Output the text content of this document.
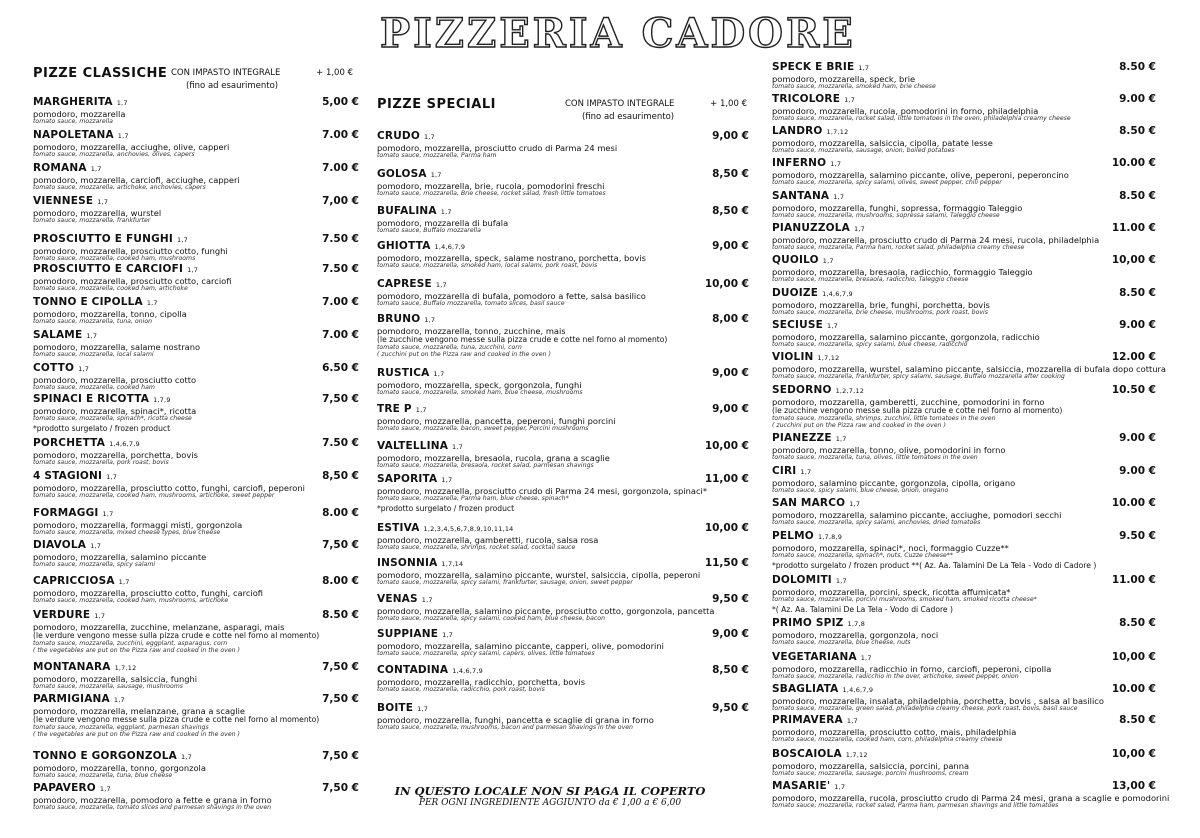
PIZZERIA CADORE
PIZZE CLASSICHE CON IMPASTO INTEGRALE
(fino ad esaurimento)
+ 1,00 €
MARGHERITA 1,7	5,00 €
pomodoro, mozzarella
tomato sauce, mozzarella
NAPOLETANA 1,7	7.00 €
pomodoro, mozzarella, acciughe, olive, capperi
tomato sauce, mozzarella, anchovies, olives, capers
ROMANA 1,7	7.00 €
pomodoro, mozzarella, carciofi, acciughe, capperi
tomato sauce, mozzarella, artichoke, anchovies, capers
VIENNESE 1,7	7,00 €
pomodoro, mozzarella, wurstel
tomato sauce, mozzarella, frankfurter
PROSCIUTTO E FUNGHI 1,7	7.50 €
pomodoro, mozzarella, prosciutto cotto, funghi
tomato sauce, mozzarella, cooked ham, mushrooms
PROSCIUTTO E CARCIOFI 1,7	7.50 €
pomodoro, mozzarella, prosciutto cotto, carciofi
tomato sauce, mozzarella, cooked ham, artichoke
TONNO E CIPOLLA 1,7	7.00 €
pomodoro, mozzarella, tonno, cipolla
tomato sauce, mozzarella, tuna, onion
SALAME 1,7	7.00 €
pomodoro, mozzarella, salame nostrano
tomato sauce, mozzarella, local salami
COTTO 1,7	6.50 €
pomodoro, mozzarella, prosciutto cotto
tomato sauce, mozzarella, cooked ham
SPINACI E RICOTTA 1,7,9	7,50 €
pomodoro, mozzarella, spinaci*, ricotta
tomato sauce, mozzarella, spinach*, ricotta cheese
*prodotto surgelato / frozen product
PORCHETTA 1,4,6,7,9	7.50 €
pomodoro, mozzarella, porchetta, bovis
tomato sauce, mozzarella, pork roast, bovis
4 STAGIONI 1,7	8,50 €
pomodoro, mozzarella, prosciutto cotto, funghi, carciofi, peperoni
tomato sauce, mozzarella, cooked ham, mushrooms, artichoke, sweet pepper
FORMAGGI 1,7	8.00 €
pomodoro, mozzarella, formaggi misti, gorgonzola
tomato sauce, mozzarella, mixed cheese types, blue cheese
DIAVOLA 1,7	7,50 €
pomodoro, mozzarella, salamino piccante
tomato sauce, mozzarella, spicy salami
CAPRICCIOSA 1,7	8.00 €
pomodoro, mozzarella, prosciutto cotto, funghi, carciofi
tomato sauce, mozzarella, cooked ham, mushrooms, artichoke
VERDURE 1,7	8.50 €
pomodoro, mozzarella, zucchine, melanzane, asparagi, mais
(le verdure vengono messe sulla pizza crude e cotte nel forno al momento)
tomato sauce, mozzarella, zucchini, eggplant, asparagus, corn
( the vegetables are put on the Pizza raw and cooked in the oven )
MONTANARA 1,7,12	7,50 €
pomodoro, mozzarella, salsiccia, funghi
tomato sauce, mozzarella, sausage, mushrooms
PARMIGIANA 1,7	7,50 €
pomodoro, mozzarella, melanzane, grana a scaglie
(le verdure vengono messe sulla pizza crude e cotte nel forno al momento)
tomato sauce, mozzarella, eggplant, parmesan shavings
( the vegetables are put on the Pizza raw and cooked in the oven )
TONNO E GORGONZOLA 1,7	7,50 €
pomodoro, mozzarella, tonno, gorgonzola
tomato sauce, mozzarella, tuna, blue cheese
PAPAVERO 1,7	7,50 €
pomodoro, mozzarella, pomodoro a fette e grana in forno
tomato sauce, mozzarella, tomato slices and parmesan shavings in the oven
PIZZE SPECIALI	CON IMPASTO INTEGRALE
(fino ad esaurimento)
+ 1,00 €
CRUDO 1,7	9,00 €
pomodoro, mozzarella, prosciutto crudo di Parma 24 mesi
tomato sauce, mozzarella, Parma ham
GOLOSA 1,7	8,50 €
pomodoro, mozzarella, brie, rucola, pomodorini freschi
tomato sauce, mozzarella, Brie cheese, rocket salad, fresh little tomatoes
BUFALINA 1,7	8,50 €
pomodoro, mozzarella di bufala
tomato sauce, Buffalo mozzarella
GHIOTTA 1,4,6,7,9	9,00 €
pomodoro, mozzarella, speck, salame nostrano, porchetta, bovis
tomato sauce, mozzarella, smoked ham, local salami, pork roast, bovis
CAPRESE 1,7	10,00 €
pomodoro, mozzarella di bufala, pomodoro a fette, salsa basilico
tomato sauce, Buffalo mozzarella, tomato slices, basil sauce
BRUNO 1,7	8,00 €
pomodoro, mozzarella, tonno, zucchine, mais
(le zucchine vengono messe sulla pizza crude e cotte nel forno al momento)
tomato sauce, mozzarella, tuna, zucchini, corn
( zucchini put on the Pizza raw and cooked in the oven )
RUSTICA 1,7	9,00 €
pomodoro, mozzarella, speck, gorgonzola, funghi
tomato sauce, mozzarella, smoked ham, blue cheese, mushrooms
TRE P 1,7	9,00 €
pomodoro, mozzarella, pancetta, peperoni, funghi porcini
tomato sauce, mozzarella, bacon, sweet pepper, Porcini mushrooms
VALTELLINA 1,7	10,00 €
pomodoro, mozzarella, bresaola, rucola, grana a scaglie
tomato sauce, mozzarella, bresaola, rocket salad, parmesan shavings
SAPORITA 1,7	11,00 €
pomodoro, mozzarella, prosciutto crudo di Parma 24 mesi, gorgonzola, spinaci*
tomato sauce, mozzarella, Parma ham, blue cheese, spinach*
*prodotto surgelato / frozen product
ESTIVA 1,2,3,4,5,6,7,8,9,10,11,14	10,00 €
pomodoro, mozzarella, gamberetti, rucola, salsa rosa
tomato sauce, mozzarella, shrimps, rocket salad, cocktail sauce
INSONNIA 1,7,14	11,50 €
pomodoro, mozzarella, salamino piccante, wurstel, salsiccia, cipolla, peperoni
tomato sauce, mozzarella, spicy salami, frankfurter, sausage, onion, sweet pepper
VENAS 1,7	9,50 €
pomodoro, mozzarella, salamino piccante, prosciutto cotto, gorgonzola, pancetta
tomato sauce, mozzarella, spicy salami, cooked ham, blue cheese, bacon
SUPPIANE 1,7	9,00 €
pomodoro, mozzarella, salamino piccante, capperi, olive, pomodorini
tomato sauce, mozzarella, spicy salami, capers, olives, little tomatoes
CONTADINA 1,4,6,7,9	8,50 €
pomodoro, mozzarella, radicchio, porchetta, bovis
tomato sauce, mozzarella, radicchio, pork roast, bovis
BOITE 1,7	9,50 €
pomodoro, mozzarella, funghi, pancetta e scaglie di grana in forno
tomato sauce, mozzarella, mushrooms, bacon and parmesan shavings in the oven
SPECK E BRIE 1,7	8.50 €
pomodoro, mozzarella, speck, brie
tomato sauce, mozzarella, smoked ham, brie cheese
TRICOLORE 1,7	9.00 €
pomodoro, mozzarella, rucola, pomodorini in forno, philadelphia
tomato sauce, mozzarella, rocket salad, little tomatoes in the oven, philadelphia creamy cheese
LANDRO 1,7,12	8.50 €
pomodoro, mozzarella, salsiccia, cipolla, patate lesse
tomato sauce, mozzarella, sausage, onion, boiled potatoes
INFERNO 1,7	10.00 €
pomodoro, mozzarella, salamino piccante, olive, peperoni, peperoncino
tomato sauce, mozzarella, spicy salami, olives, sweet pepper, chili pepper
SANTANA 1,7	8.50 €
pomodoro, mozzarella, funghi, sopressa, formaggio Taleggio
tomato sauce, mozzarella, mushrooms, sopressa salami, Taleggio cheese
PIANUZZOLA 1,7	11.00 €
pomodoro, mozzarella, prosciutto crudo di Parma 24 mesi, rucola, philadelphia
tomato sauce, mozzarella, Parma ham, rocket salad, philadelphia creamy cheese
QUOILO 1,7	10,00 €
pomodoro, mozzarella, bresaola, radicchio, formaggio Taleggio
tomato sauce, mozzarella, bresaola, radicchio, Taleggio cheese
DUOIZE 1,4,6,7,9	8.50 €
pomodoro, mozzarella, brie, funghi, porchetta, bovis
tomato sauce, mozzarella, brie cheese, mushrooms, pork roast, bovis
SECIUSE 1,7	9.00 €
pomodoro, mozzarella, salamino piccante, gorgonzola, radicchio
tomato sauce, mozzarella, spicy salami, blue cheese, radicchio
VIOLIN 1,7,12	12.00 €
pomodoro, mozzarella, wurstel, salamino piccante, salsiccia, mozzarella di bufala dopo cottura
tomato sauce, mozzarella, frankfurter, spicy salami, sausage, Buffalo mozzarella after cooking
SEDORNO 1,2,7,12	10.50 €
pomodoro, mozzarella, gamberetti, zucchine, pomodorini in forno
(le zucchine vengono messe sulla pizza crude e cotte nel forno al momento)
tomato sauce, mozzarella, shrimps, zucchini, little tomatoes in the oven
( zucchini put on the Pizza raw and cooked in the oven )
PIANEZZE 1,7	9.00 €
pomodoro, mozzarella, tonno, olive, pomodorini in forno
tomato sauce, mozzarella, tuna, olives, little tomatoes in the oven
CIRI 1,7	9.00 €
pomodoro, salamino piccante, gorgonzola, cipolla, origano
tomato sauce, spicy salami, blue cheese, onion, oregano
SAN MARCO 1,7	10.00 €
pomodoro, mozzarella, salamino piccante, acciughe, pomodori secchi
tomato sauce, mozzarella, spicy salami, anchovies, dried tomatoes
PELMO 1,7,8,9	9.50 €
pomodoro, mozzarella, spinaci*, noci, formaggio Cuzze**
tomato sauce, mozzarella, spinach*, nuts, Cuzze cheese**
*prodotto surgelato / frozen product **( Az. Aa. Talamini De La Tela - Vodo di Cadore )
DOLOMITI 1,7	11.00 €
pomodoro, mozzarella, porcini, speck, ricotta affumicata*
tomato sauce, mozzarella, porcini mushrooms, smoked ham, smoked ricotta cheese*
*( Az. Aa. Talamini De La Tela - Vodo di Cadore )
PRIMO SPIZ 1,7,8	8.50 €
pomodoro, mozzarella, gorgonzola, noci
tomato sauce, mozzarella, blue cheese, nuts
VEGETARIANA 1,7	10,00 €
pomodoro, mozzarella, radicchio in forno, carciofi, peperoni, cipolla
tomato sauce, mozzarella, radicchio in the over, artichoke, sweet pepper, onion
SBAGLIATA 1,4,6,7,9	10.00 €
pomodoro, mozzarella, insalata, philadelphia, porchetta, bovis , salsa al basilico
tomato sauce, mozzarella, green salad, philadelphia creamy cheese, pork roast, bovis, basil sauce
PRIMAVERA 1,7	8.50 €
pomodoro, mozzarella, prosciutto cotto, mais, philadelphia
tomato sauce, mozzarella, cooked ham, corn, philadelphia creamy cheese
BOSCAIOLA 1,7,12	10,00 €
pomodoro, mozzarella, salsiccia, porcini, panna
tomato sauce, mozzarella, sausage, porcini mushrooms, cream
MASARIE' 1,7	13,00 €
pomodoro, mozzarella, rucola, prosciutto crudo di Parma 24 mesi, grana a scaglie e pomodorini
tomato sauce, mozzarella, rocket salad, Parma ham, parmesan shavings and little tomatoes
IN QUESTO LOCALE NON SI PAGA IL COPERTO
PER OGNI INGREDIENTE AGGIUNTO da € 1,00 a € 6,00
